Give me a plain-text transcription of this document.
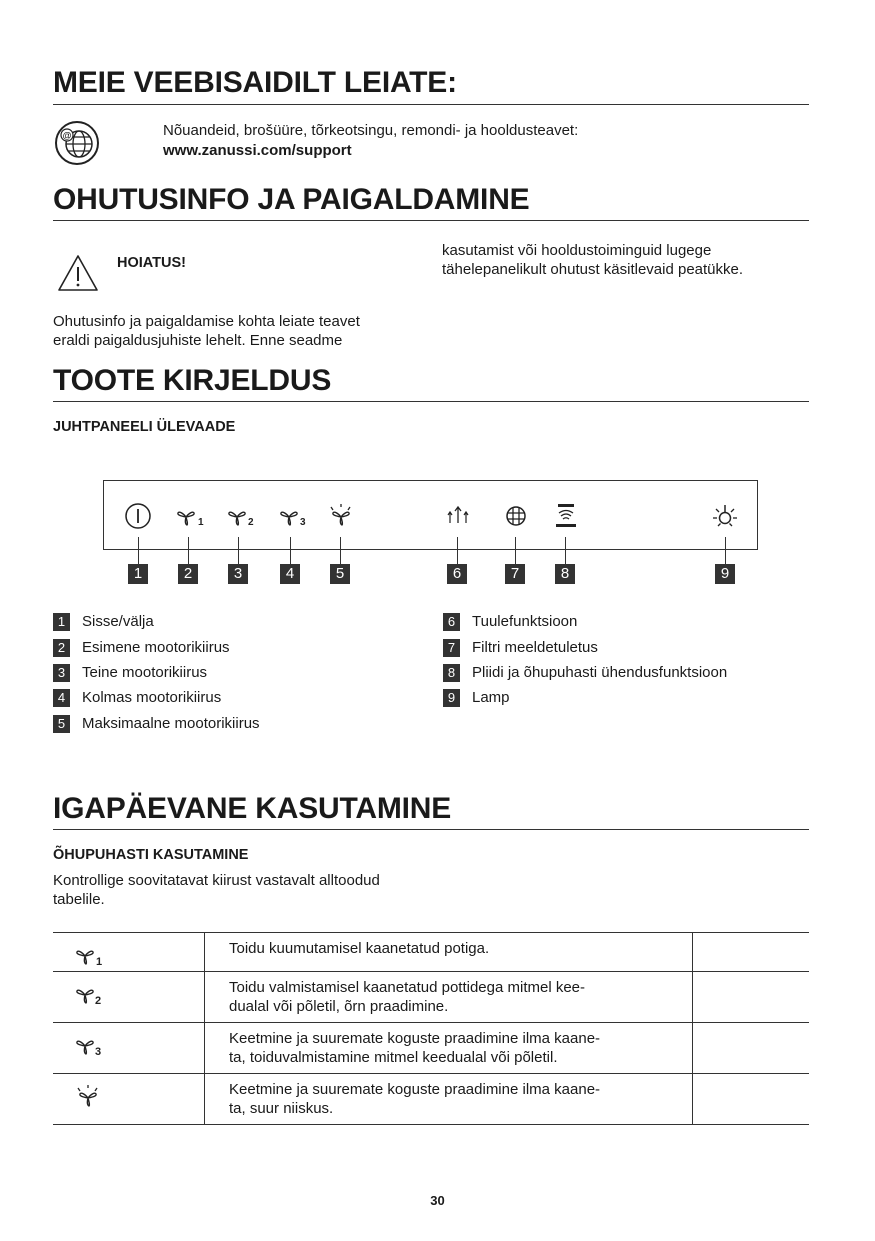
MEIE VEEBISAIDILT LEIATE:
@	Nõuandeid, brošüüre, tõrkeotsingu, remondi- ja hooldusteavet:
www.zanussi.com/support
OHUTUSINFO JA PAIGALDAMINE
HOIATUS!
Ohutusinfo ja paigaldamise kohta leiate teavet
eraldi paigaldusjuhiste lehelt. Enne seadme
kasutamist või hooldustoiminguid lugege
tähelepanelikult ohutust käsitlevaid peatükke.
TOOTE KIRJELDUS
JUHTPANEELI ÜLEVAADE
1	2	3
1	2	3	4	5	6	7	8	9
1 Sisse/välja
2 Esimene mootorikiirus
3 Teine mootorikiirus
4 Kolmas mootorikiirus
5 Maksimaalne mootorikiirus
6 Tuulefunktsioon
7 Filtri meeldetuletus
8 Pliidi ja õhupuhasti ühendusfunktsioon
9 Lamp
IGAPÄEVANE KASUTAMINE
ÕHUPUHASTI KASUTAMINE
Kontrollige soovitatavat kiirust vastavalt alltoodud
tabelile.
1	Toidu kuumutamisel kaanetatud potiga.	

2	Toidu valmistamisel kaanetatud pottidega mitmel kee-
dualal või põletil, õrn praadimine.	

3	Keetmine ja suuremate koguste praadimine ilma kaane-
ta, toiduvalmistamine mitmel keedualal või põletil.	

Keetmine ja suuremate koguste praadimine ilma kaane-
ta, suur niiskus.	

30
